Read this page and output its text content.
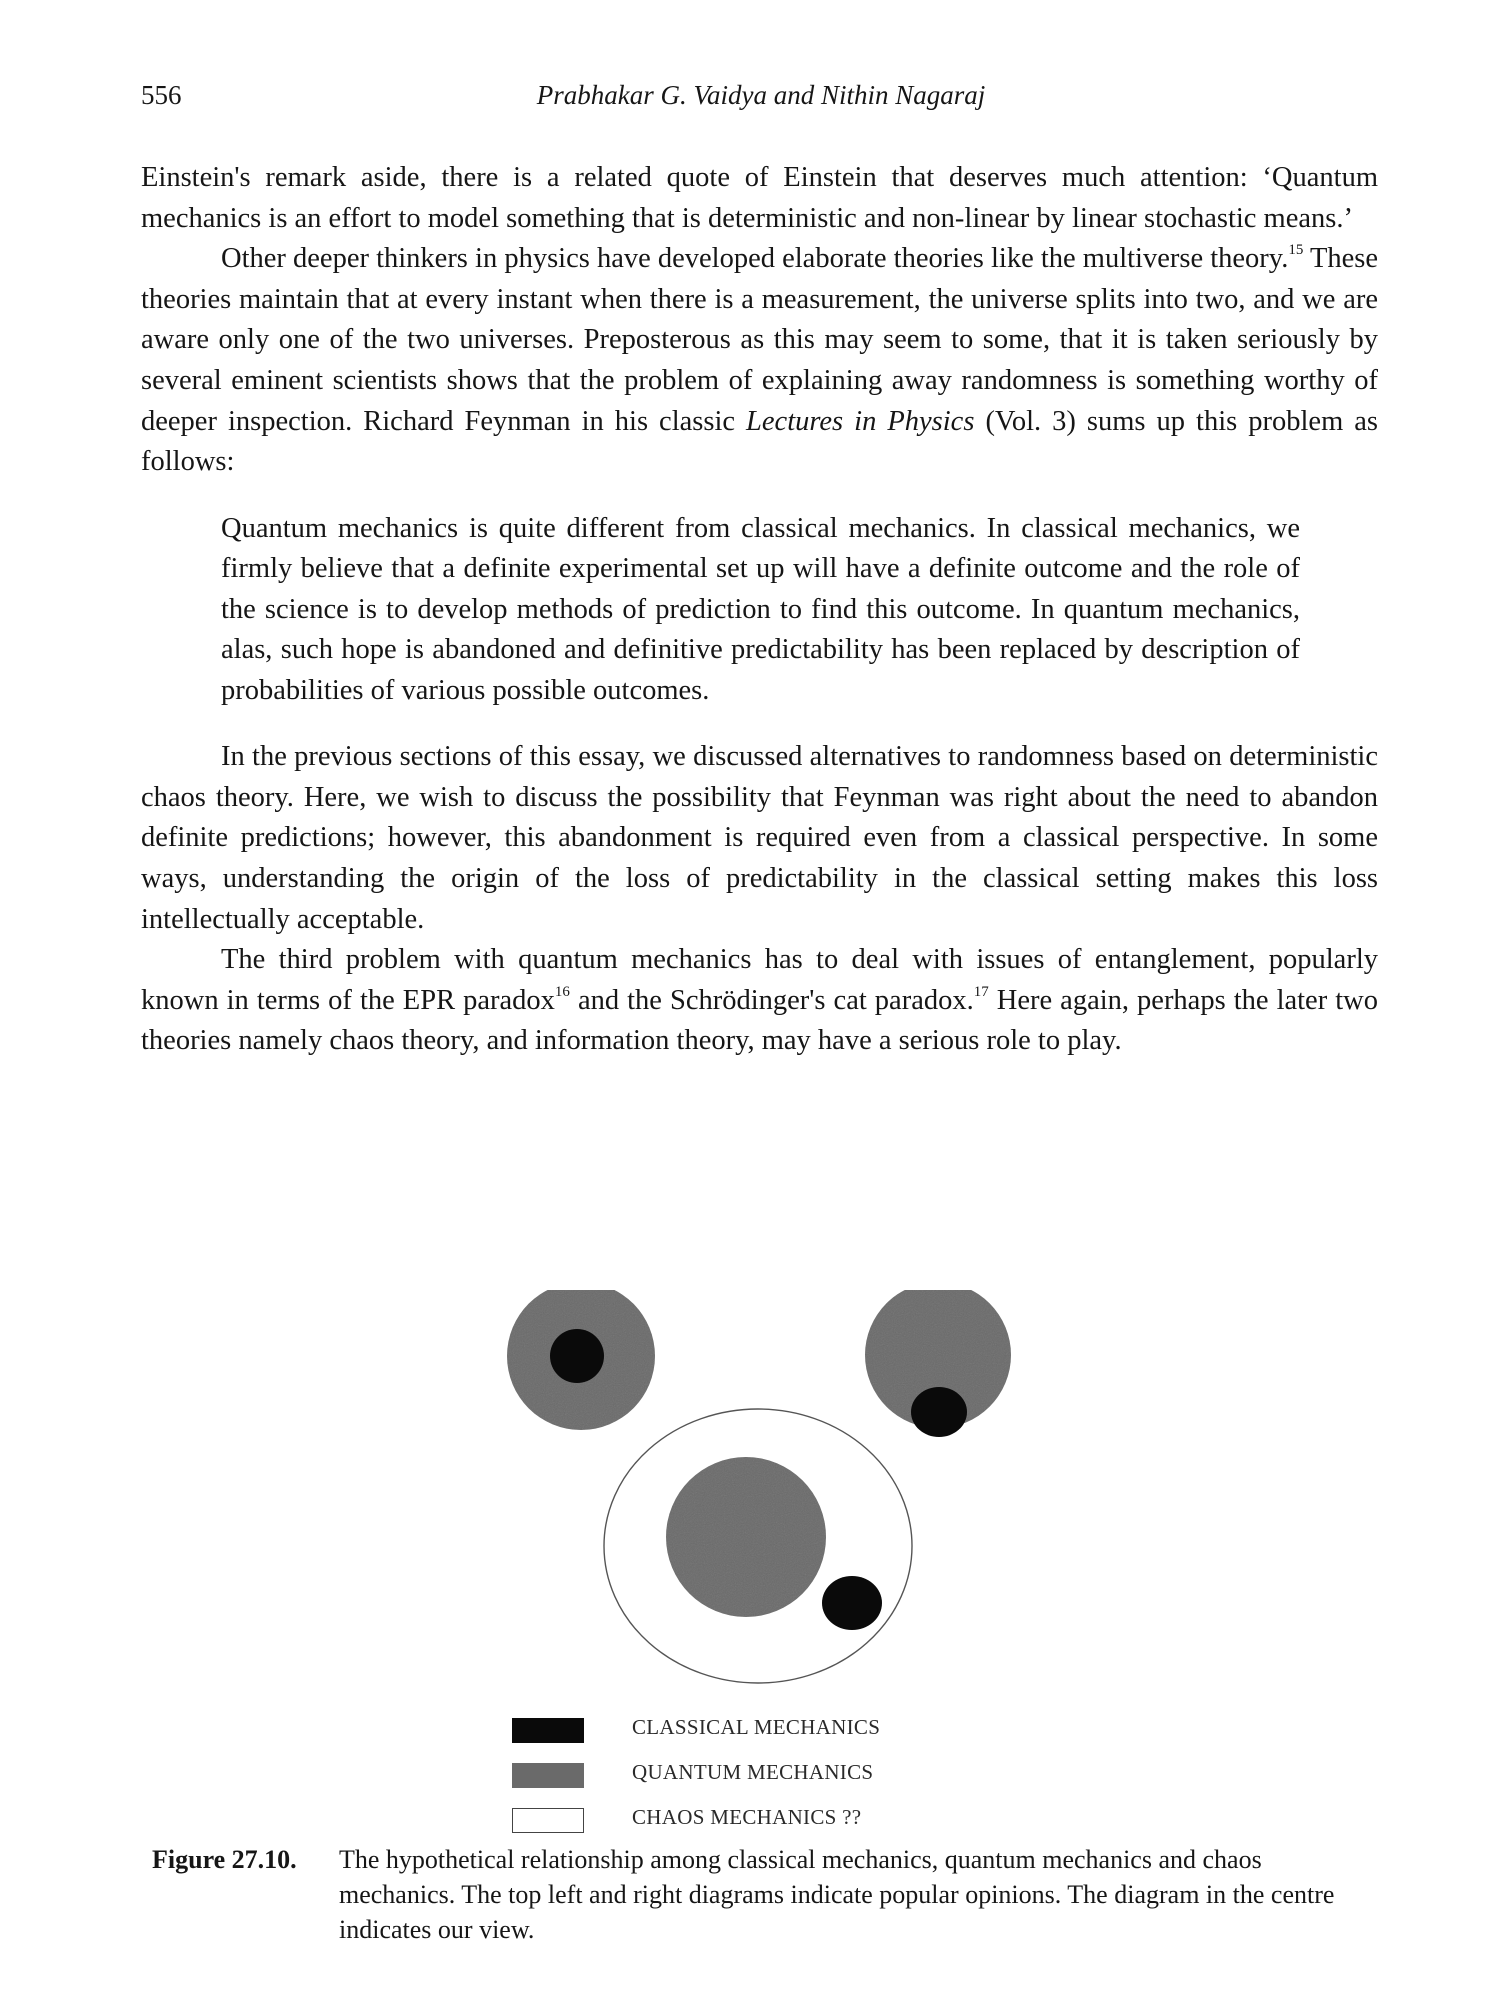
556	Prabhakar G. Vaidya and Nithin Nagaraj

Einstein's remark aside, there is a related quote of Einstein that deserves much attention: ‘Quantum mechanics is an effort to model something that is deterministic and non-linear by linear stochastic means.’

Other deeper thinkers in physics have developed elaborate theories like the multiverse theory.$^{15}$ These theories maintain that at every instant when there is a measurement, the universe splits into two, and we are aware only one of the two universes. Preposterous as this may seem to some, that it is taken seriously by several eminent scientists shows that the problem of explaining away randomness is something worthy of deeper inspection. Richard Feynman in his classic Lectures in Physics (Vol. 3) sums up this problem as follows:

Quantum mechanics is quite different from classical mechanics. In classical mechanics, we firmly believe that a definite experimental set up will have a definite outcome and the role of the science is to develop methods of prediction to find this outcome. In quantum mechanics, alas, such hope is abandoned and definitive predictability has been replaced by description of probabilities of various possible outcomes.

In the previous sections of this essay, we discussed alternatives to randomness based on deterministic chaos theory. Here, we wish to discuss the possibility that Feynman was right about the need to abandon definite predictions; however, this abandonment is required even from a classical perspective. In some ways, understanding the origin of the loss of predictability in the classical setting makes this loss intellectually acceptable.

The third problem with quantum mechanics has to deal with issues of entanglement, popularly known in terms of the EPR paradox$^{16}$ and the Schrödinger's cat paradox.$^{17}$ Here again, perhaps the later two theories namely chaos theory, and information theory, may have a serious role to play.

CLASSICAL MECHANICS
QUANTUM MECHANICS
CHAOS MECHANICS ??
Figure 27.10. The hypothetical relationship among classical mechanics, quantum mechanics and chaos mechanics. The top left and right diagrams indicate popular opinions. The diagram in the centre indicates our view.
